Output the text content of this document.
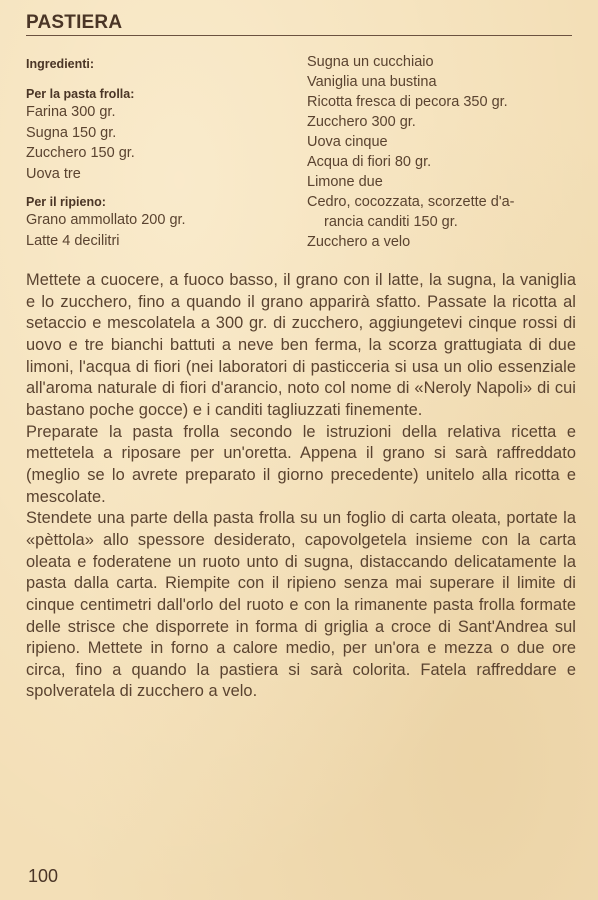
PASTIERA

Ingredienti:

Per la pasta frolla:

Farina 300 gr.

Sugna 150 gr.

Zucchero 150 gr.

Uova tre

Per il ripieno:

Grano ammollato 200 gr.

Latte 4 decilitri

Sugna un cucchiaio

Vaniglia una bustina

Ricotta fresca di pecora 350 gr.

Zucchero 300 gr.

Uova cinque

Acqua di fiori 80 gr.

Limone due

Cedro, cocozzata, scorzette d'a-

rancia canditi 150 gr.

Zucchero a velo

Mettete a cuocere, a fuoco basso, il grano con il latte, la sugna, la vaniglia e lo zucchero, fino a quando il grano apparirà sfatto. Passate la ricotta al setaccio e mescolatela a 300 gr. di zucchero, aggiungetevi cinque rossi di uovo e tre bianchi battuti a neve ben ferma, la scorza grattugiata di due limoni, l'acqua di fiori (nei laboratori di pasticceria si usa un olio essenziale all'aroma naturale di fiori d'arancio, noto col nome di «Neroly Napoli» di cui bastano poche gocce) e i canditi tagliuzzati finemente.

Preparate la pasta frolla secondo le istruzioni della relativa ricetta e mettetela a riposare per un'oretta. Appena il grano si sarà raffreddato (meglio se lo avrete preparato il giorno precedente) unitelo alla ricotta e mescolate.

Stendete una parte della pasta frolla su un foglio di carta oleata, portate la «pèttola» allo spessore desiderato, capovolgetela insieme con la carta oleata e foderatene un ruoto unto di sugna, distaccando delicatamente la pasta dalla carta. Riempite con il ripieno senza mai superare il limite di cinque centimetri dall'orlo del ruoto e con la rimanente pasta frolla formate delle strisce che disporrete in forma di griglia a croce di Sant'Andrea sul ripieno. Mettete in forno a calore medio, per un'ora e mezza o due ore circa, fino a quando la pastiera si sarà colorita. Fatela raffreddare e spolveratela di zucchero a velo.

100
